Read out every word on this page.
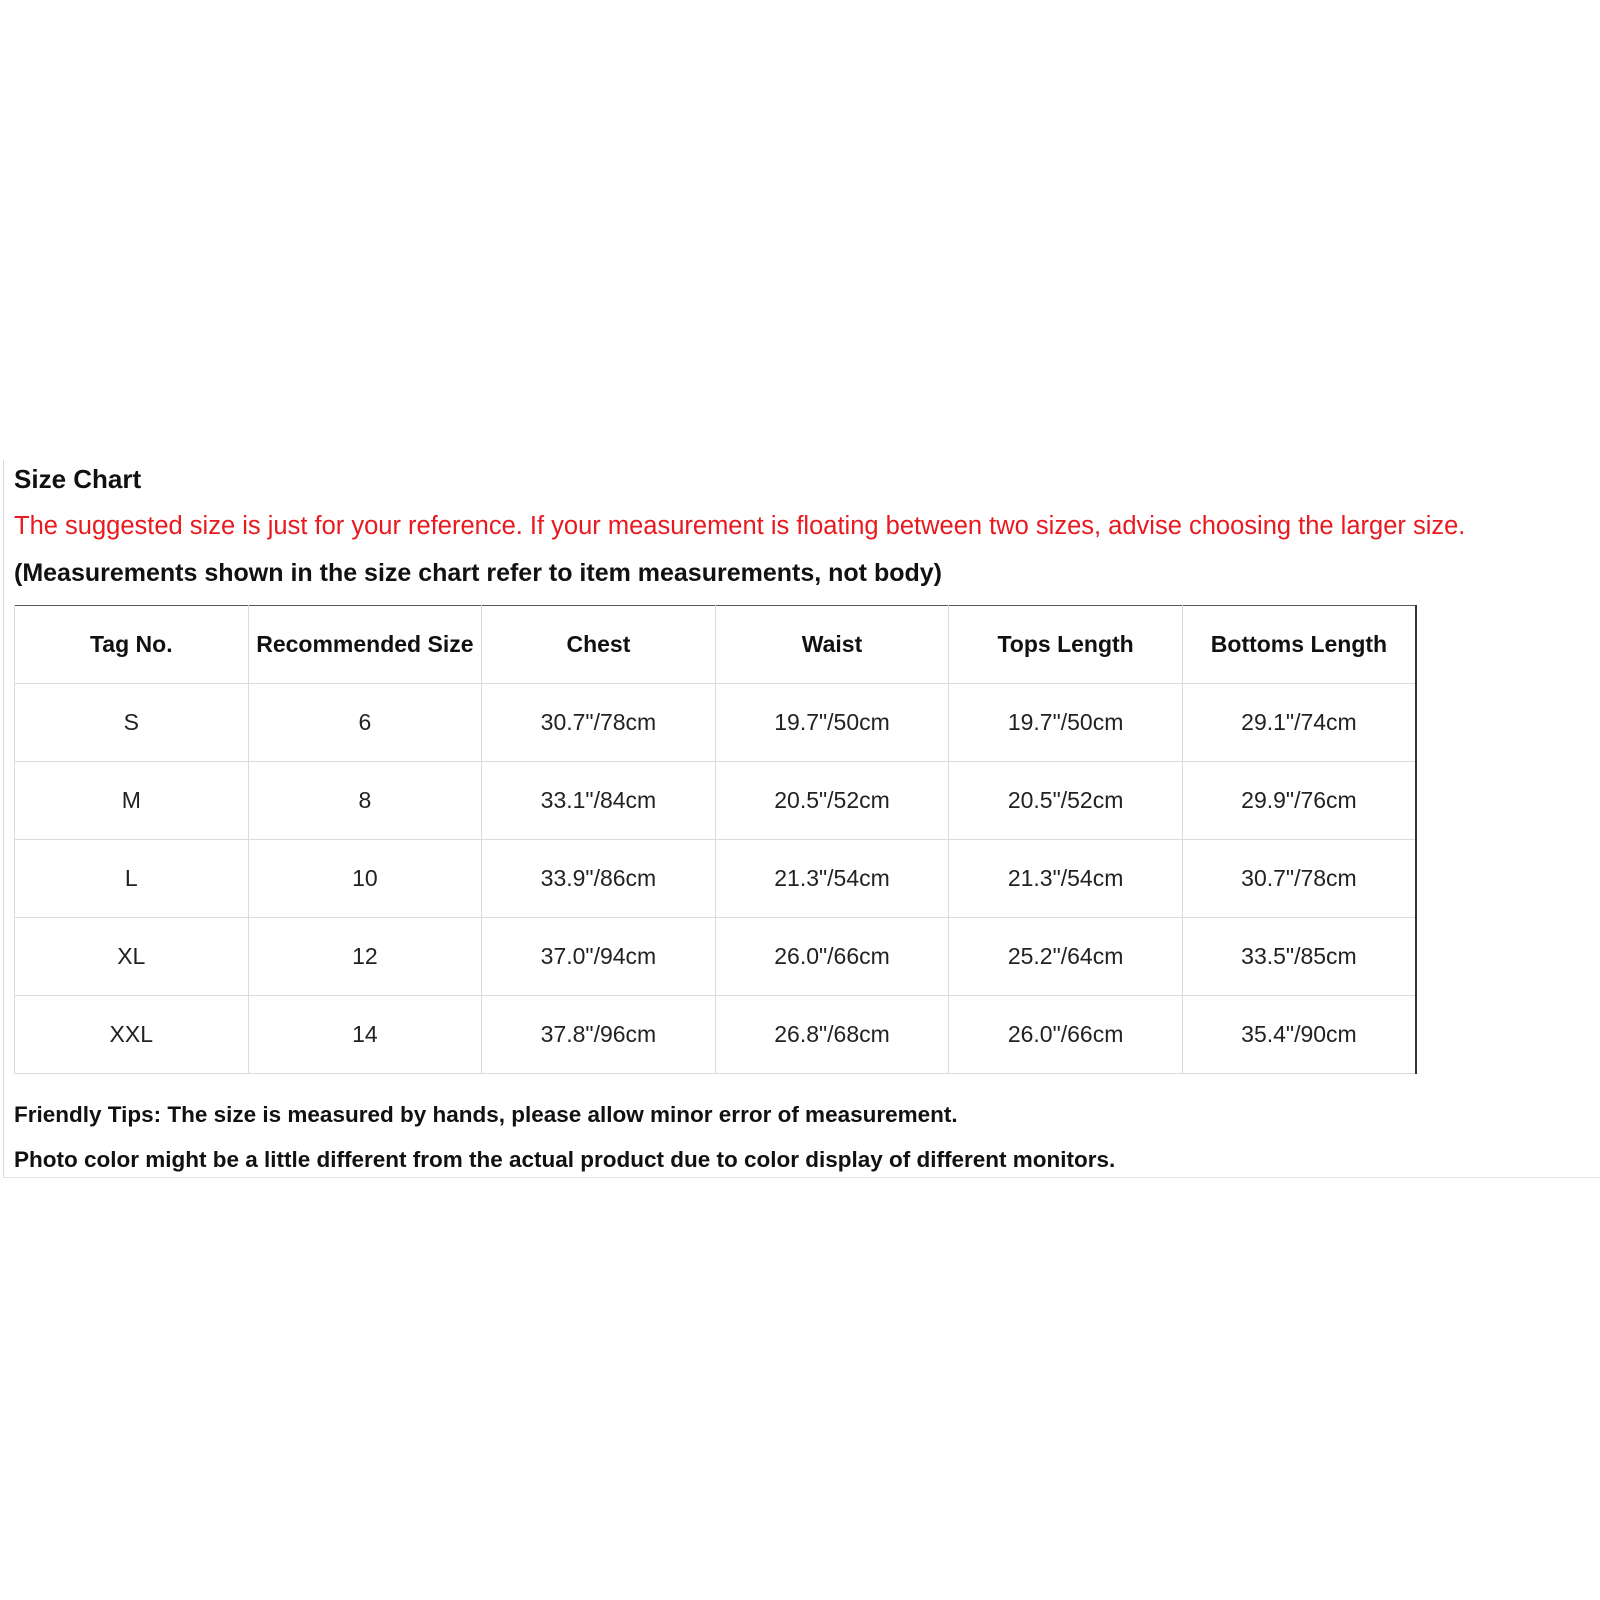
Size Chart
The suggested size is just for your reference. If your measurement is floating between two sizes, advise choosing the larger size.
(Measurements shown in the size chart refer to item measurements, not body)
Tag No.	Recommended Size	Chest	Waist	Tops Length	Bottoms Length
S	6	30.7"/78cm	19.7"/50cm	19.7"/50cm	29.1"/74cm
M	8	33.1"/84cm	20.5"/52cm	20.5"/52cm	29.9"/76cm
L	10	33.9"/86cm	21.3"/54cm	21.3"/54cm	30.7"/78cm
XL	12	37.0"/94cm	26.0"/66cm	25.2"/64cm	33.5"/85cm
XXL	14	37.8"/96cm	26.8"/68cm	26.0"/66cm	35.4"/90cm
Friendly Tips: The size is measured by hands, please allow minor error of measurement.
Photo color might be a little different from the actual product due to color display of different monitors.
